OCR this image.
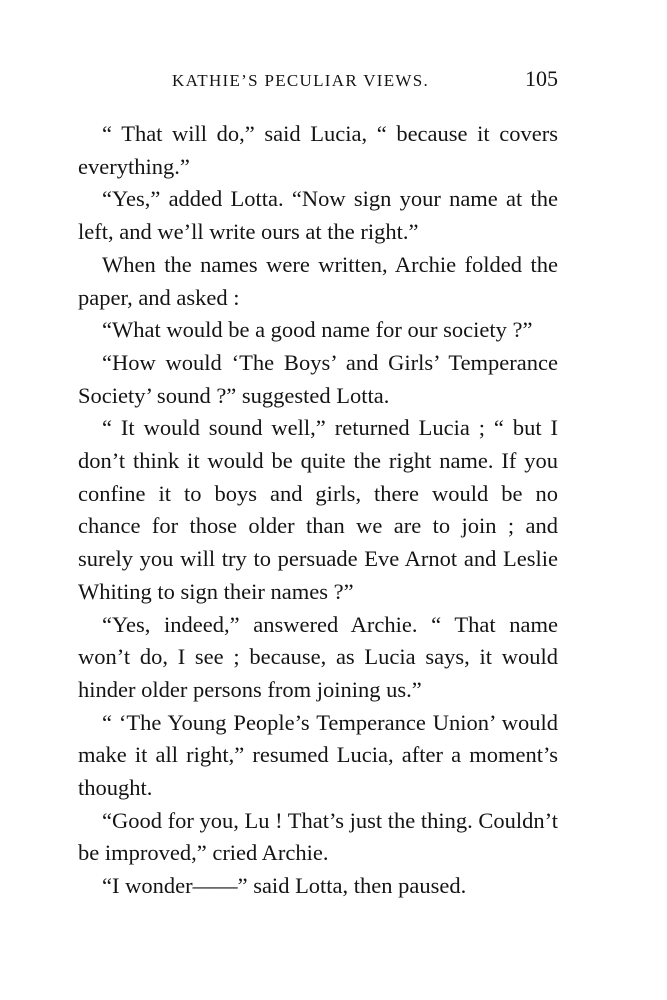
KATHIE’S PECULIAR VIEWS.	105

“ That will do,” said Lucia, “ because it covers everything.”

“Yes,” added Lotta. “Now sign your name at the left, and we’ll write ours at the right.”

When the names were written, Archie folded the paper, and asked :

“What would be a good name for our society ?”

“How would ‘The Boys’ and Girls’ Temperance Society’ sound ?” suggested Lotta.

“ It would sound well,” returned Lucia ; “ but I don’t think it would be quite the right name. If you confine it to boys and girls, there would be no chance for those older than we are to join ; and surely you will try to persuade Eve Arnot and Leslie Whiting to sign their names ?”

“Yes, indeed,” answered Archie. “ That name won’t do, I see ; because, as Lucia says, it would hinder older persons from joining us.”

“ ‘The Young People’s Temperance Union’ would make it all right,” resumed Lucia, after a moment’s thought.

“Good for you, Lu ! That’s just the thing. Couldn’t be improved,” cried Archie.

“I wonder——” said Lotta, then paused.
